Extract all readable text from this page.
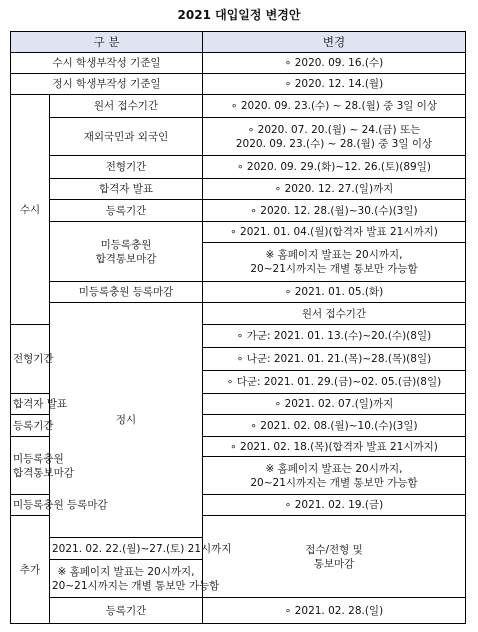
2021 대입일정 변경안
구 분		변경	
수시 학생부작성 기준일		∘ 2020. 09. 16.(수)	
정시 학생부작성 기준일		∘ 2020. 12. 14.(월)	
수시	원서 접수기간	∘ 2020. 09. 23.(수) ~ 28.(월) 중 3일 이상	
	재외국민과 외국인	∘ 2020. 07. 20.(월) ~ 24.(금) 또는
2020. 09. 23.(수) ~ 28.(월) 중 3일 이상	

	전형기간	∘ 2020. 09. 29.(화)~12. 26.(토)(89일)	
	합격자 발표	∘ 2020. 12. 27.(일)까지	
	등록기간	∘ 2020. 12. 28.(월)~30.(수)(3일)	

	미등록충원
합격통보마감	∘ 2021. 01. 04.(월)(합격자 발표 21시까지)	

		※ 홈페이지 발표는 20시까지,
20~21시까지는 개별 통보만 가능함	

	미등록충원 등록마감	∘ 2021. 01. 05.(화)	
	정시	원서 접수기간	
전형기간		∘ 가군: 2021. 01. 13.(수)~20.(수)(8일)	
		∘ 나군: 2021. 01. 21.(목)~28.(목)(8일)	
		∘ 다군: 2021. 01. 29.(금)~02. 05.(금)(8일)	
합격자 발표		∘ 2021. 02. 07.(일)까지	
등록기간		∘ 2021. 02. 08.(월)~10.(수)(3일)	

미등록충원
합격통보마감		∘ 2021. 02. 18.(목)(합격자 발표 21시까지)	

		※ 홈페이지 발표는 20시까지,
20~21시까지는 개별 통보만 가능함	

미등록충원 등록마감		∘ 2021. 02. 19.(금)	
추가		접수/전형 및
통보마감

	2021. 02. 22.(월)~27.(토) 21시까지		

	※ 홈페이지 발표는 20시까지,
20~21시까지는 개별 통보만 가능함		

	등록기간	∘ 2021. 02. 28.(일)	
